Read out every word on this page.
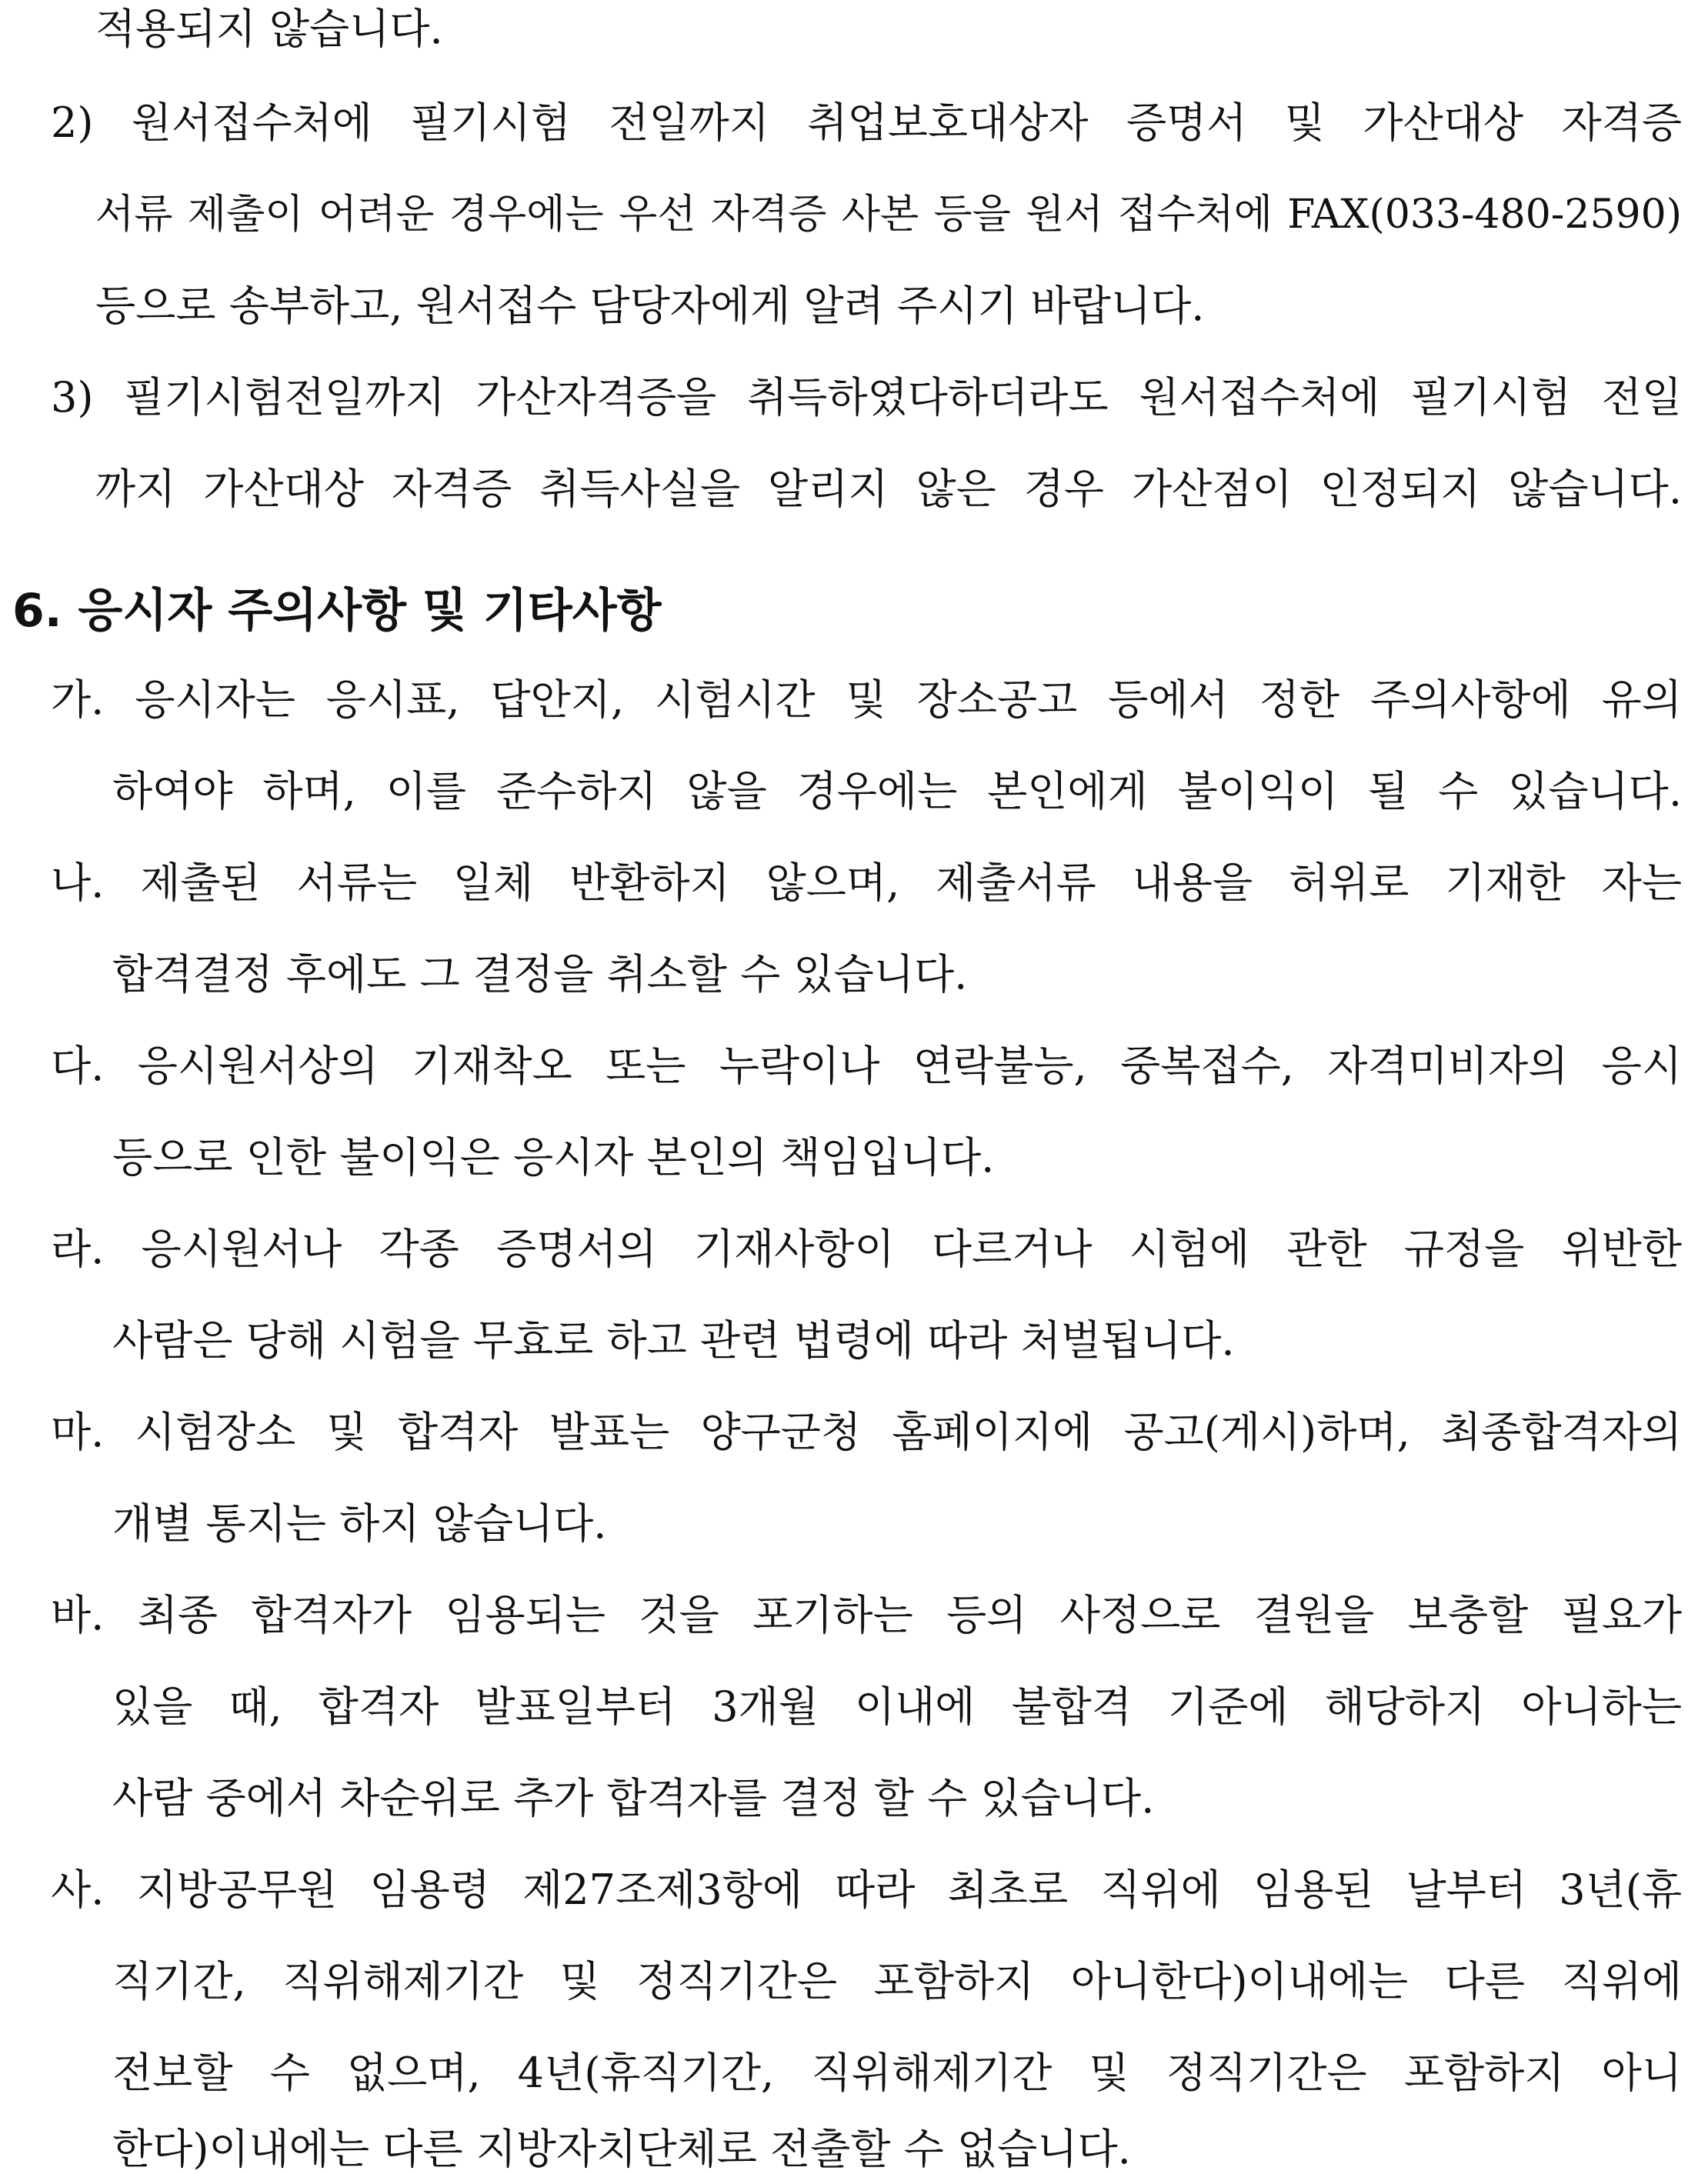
적용되지 않습니다.
2) 원서접수처에 필기시험 전일까지 취업보호대상자 증명서 및 가산대상 자격증
서류 제출이 어려운 경우에는 우선 자격증 사본 등을 원서 접수처에 FAX(033-480-2590)
등으로 송부하고, 원서접수 담당자에게 알려 주시기 바랍니다.
3) 필기시험전일까지 가산자격증을 취득하였다하더라도 원서접수처에 필기시험 전일
까지 가산대상 자격증 취득사실을 알리지 않은 경우 가산점이 인정되지 않습니다.
6. 응시자 주의사항 및 기타사항
가. 응시자는 응시표, 답안지, 시험시간 및 장소공고 등에서 정한 주의사항에 유의
하여야 하며, 이를 준수하지 않을 경우에는 본인에게 불이익이 될 수 있습니다.
나. 제출된 서류는 일체 반환하지 않으며, 제출서류 내용을 허위로 기재한 자는
합격결정 후에도 그 결정을 취소할 수 있습니다.
다. 응시원서상의 기재착오 또는 누락이나 연락불능, 중복접수, 자격미비자의 응시
등으로 인한 불이익은 응시자 본인의 책임입니다.
라. 응시원서나 각종 증명서의 기재사항이 다르거나 시험에 관한 규정을 위반한
사람은 당해 시험을 무효로 하고 관련 법령에 따라 처벌됩니다.
마. 시험장소 및 합격자 발표는 양구군청 홈페이지에 공고(게시)하며, 최종합격자의
개별 통지는 하지 않습니다.
바. 최종 합격자가 임용되는 것을 포기하는 등의 사정으로 결원을 보충할 필요가
있을 때, 합격자 발표일부터 3개월 이내에 불합격 기준에 해당하지 아니하는
사람 중에서 차순위로 추가 합격자를 결정 할 수 있습니다.
사. 지방공무원 임용령 제27조제3항에 따라 최초로 직위에 임용된 날부터 3년(휴
직기간, 직위해제기간 및 정직기간은 포함하지 아니한다)이내에는 다른 직위에
전보할 수 없으며, 4년(휴직기간, 직위해제기간 및 정직기간은 포함하지 아니
한다)이내에는 다른 지방자치단체로 전출할 수 없습니다.
